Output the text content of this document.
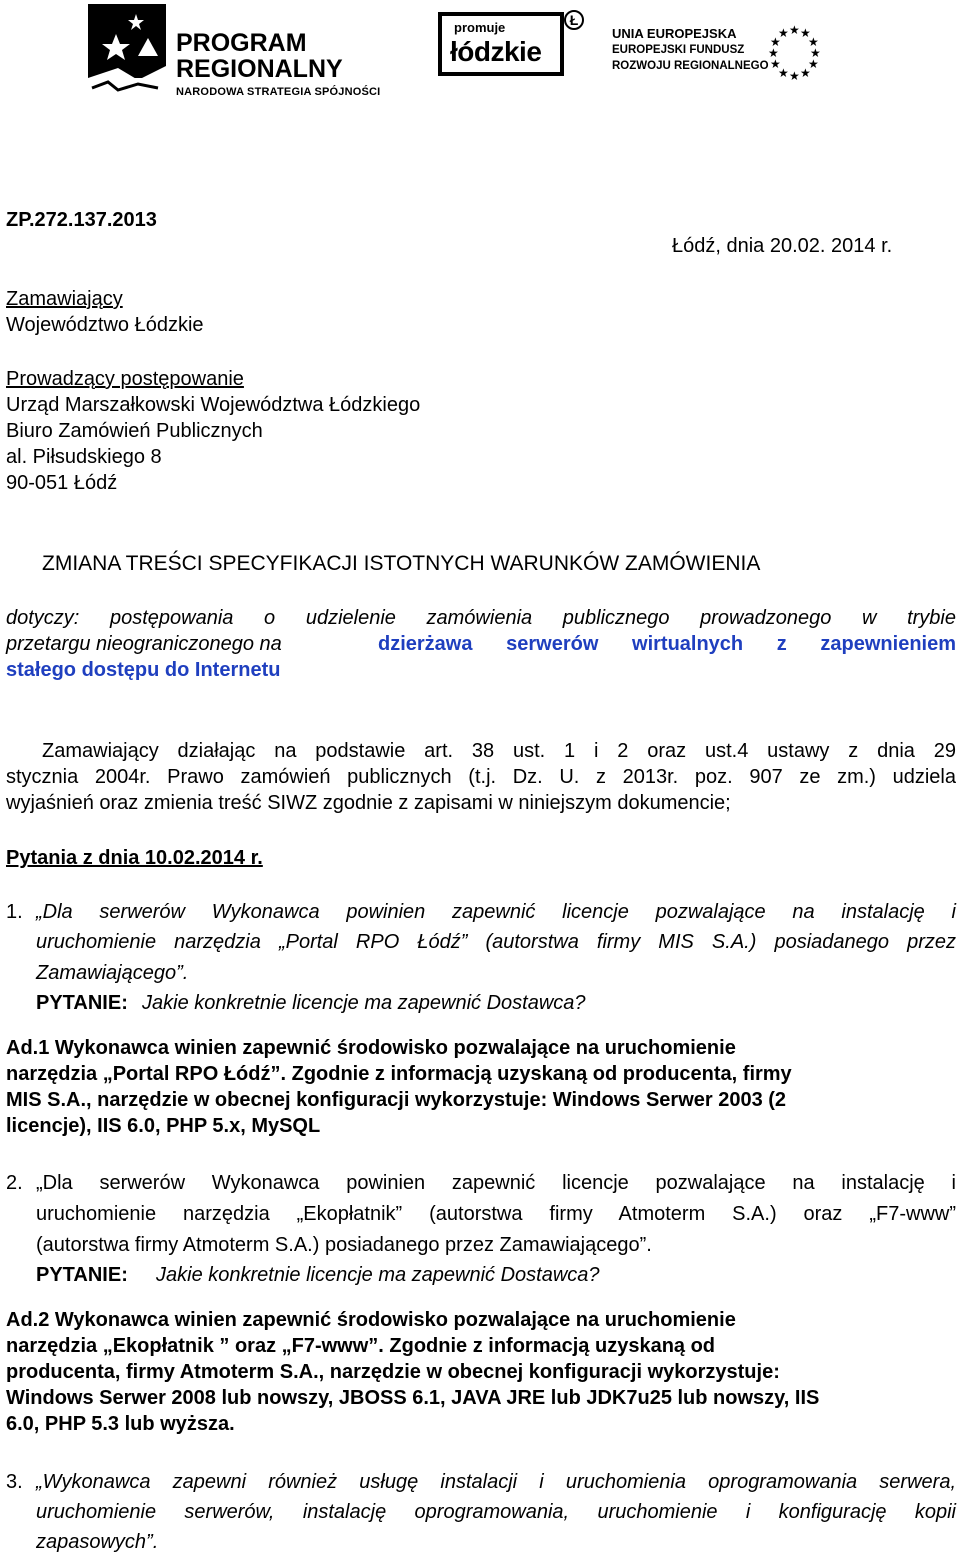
PROGRAM
REGIONALNY
NARODOWA STRATEGIA SPÓJNOŚCI
promuje
łódzkie
Ł
UNIA EUROPEJSKA
EUROPEJSKI FUNDUSZ
ROZWOJU REGIONALNEGO
★ ★
★
★
★
★
★
★
★
★
★
★
ZP.272.137.2013
Łódź, dnia 20.02. 2014 r.
Zamawiający
Województwo Łódzkie
Prowadzący postępowanie
Urząd Marszałkowski Województwa Łódzkiego
Biuro Zamówień Publicznych
al. Piłsudskiego 8
90-051 Łódź
ZMIANA TREŚCI SPECYFIKACJI ISTOTNYCH WARUNKÓW ZAMÓWIENIA
dotyczy: postępowania o udzielenie zamówienia publicznego prowadzonego w trybie
przetargu nieograniczonego na	dzierżawa serwerów wirtualnych z zapewnieniem
stałego dostępu do Internetu
Zamawiający działając na podstawie art. 38 ust. 1 i 2 oraz ust.4 ustawy z dnia 29
stycznia 2004r. Prawo zamówień publicznych (t.j. Dz. U. z 2013r. poz. 907 ze zm.) udziela
wyjaśnień oraz zmienia treść SIWZ zgodnie z zapisami w niniejszym dokumencie;
Pytania z dnia 10.02.2014 r.
1. „Dla serwerów Wykonawca powinien zapewnić licencje pozwalające na instalację i
uruchomienie narzędzia „Portal RPO Łódź” (autorstwa firmy MIS S.A.) posiadanego przez
Zamawiającego”.
PYTANIE: Jakie konkretnie licencje ma zapewnić Dostawca?
Ad.1 Wykonawca winien zapewnić środowisko pozwalające na uruchomienie
narzędzia „Portal RPO Łódź”. Zgodnie z informacją uzyskaną od producenta, firmy
MIS S.A., narzędzie w obecnej konfiguracji wykorzystuje: Windows Serwer 2003 (2
licencje), IIS 6.0, PHP 5.x, MySQL
2. „Dla serwerów Wykonawca powinien zapewnić licencje pozwalające na instalację i
uruchomienie narzędzia „Ekopłatnik” (autorstwa firmy Atmoterm S.A.) oraz „F7-www”
(autorstwa firmy Atmoterm S.A.) posiadanego przez Zamawiającego”.
PYTANIE: Jakie konkretnie licencje ma zapewnić Dostawca?
Ad.2 Wykonawca winien zapewnić środowisko pozwalające na uruchomienie
narzędzia „Ekopłatnik ” oraz „F7-www”. Zgodnie z informacją uzyskaną od
producenta, firmy Atmoterm S.A., narzędzie w obecnej konfiguracji wykorzystuje:
Windows Serwer 2008 lub nowszy, JBOSS 6.1, JAVA JRE lub JDK7u25 lub nowszy, IIS
6.0, PHP 5.3 lub wyższa.
3. „Wykonawca zapewni również usługę instalacji i uruchomienia oprogramowania serwera,
uruchomienie serwerów, instalację oprogramowania, uruchomienie i konfigurację kopii
zapasowych”.
